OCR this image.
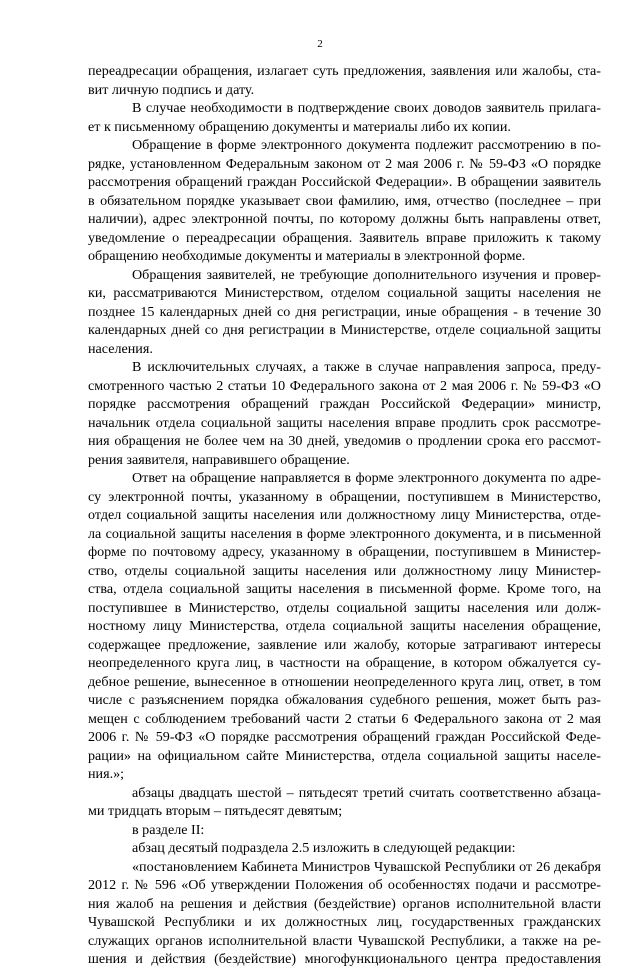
2
переадресации обращения, излагает суть предложения, заявления или жалобы, ста-
вит личную подпись и дату.
В случае необходимости в подтверждение своих доводов заявитель прилага-
ет к письменному обращению документы и материалы либо их копии.
Обращение в форме электронного документа подлежит рассмотрению в по-
рядке, установленном Федеральным законом от 2 мая 2006 г. № 59-ФЗ «О порядке
рассмотрения обращений граждан Российской Федерации». В обращении заявитель
в обязательном порядке указывает свои фамилию, имя, отчество (последнее – при
наличии), адрес электронной почты, по которому должны быть направлены ответ,
уведомление о переадресации обращения. Заявитель вправе приложить к такому
обращению необходимые документы и материалы в электронной форме.
Обращения заявителей, не требующие дополнительного изучения и провер-
ки, рассматриваются Министерством, отделом социальной защиты населения не
позднее 15 календарных дней со дня регистрации, иные обращения - в течение 30
календарных дней со дня регистрации в Министерстве, отделе социальной защиты
населения.
В исключительных случаях, а также в случае направления запроса, преду-
смотренного частью 2 статьи 10 Федерального закона от 2 мая 2006 г. № 59-ФЗ «О
порядке рассмотрения обращений граждан Российской Федерации» министр,
начальник отдела социальной защиты населения вправе продлить срок рассмотре-
ния обращения не более чем на 30 дней, уведомив о продлении срока его рассмот-
рения заявителя, направившего обращение.
Ответ на обращение направляется в форме электронного документа по адре-
су электронной почты, указанному в обращении, поступившем в Министерство,
отдел социальной защиты населения или должностному лицу Министерства, отде-
ла социальной защиты населения в форме электронного документа, и в письменной
форме по почтовому адресу, указанному в обращении, поступившем в Министер-
ство, отделы социальной защиты населения или должностному лицу Министер-
ства, отдела социальной защиты населения в письменной форме. Кроме того, на
поступившее в Министерство, отделы социальной защиты населения или долж-
ностному лицу Министерства, отдела социальной защиты населения обращение,
содержащее предложение, заявление или жалобу, которые затрагивают интересы
неопределенного круга лиц, в частности на обращение, в котором обжалуется су-
дебное решение, вынесенное в отношении неопределенного круга лиц, ответ, в том
числе с разъяснением порядка обжалования судебного решения, может быть раз-
мещен с соблюдением требований части 2 статьи 6 Федерального закона от 2 мая
2006 г. № 59-ФЗ «О порядке рассмотрения обращений граждан Российской Феде-
рации» на официальном сайте Министерства, отдела социальной защиты населе-
ния.»;
абзацы двадцать шестой – пятьдесят третий считать соответственно абзаца-
ми тридцать вторым – пятьдесят девятым;
в разделе II:
абзац десятый подраздела 2.5 изложить в следующей редакции:
«постановлением Кабинета Министров Чувашской Республики от 26 декабря
2012 г. № 596 «Об утверждении Положения об особенностях подачи и рассмотре-
ния жалоб на решения и действия (бездействие) органов исполнительной власти
Чувашской Республики и их должностных лиц, государственных гражданских
служащих органов исполнительной власти Чувашской Республики, а также на ре-
шения и действия (бездействие) многофункционального центра предоставления
